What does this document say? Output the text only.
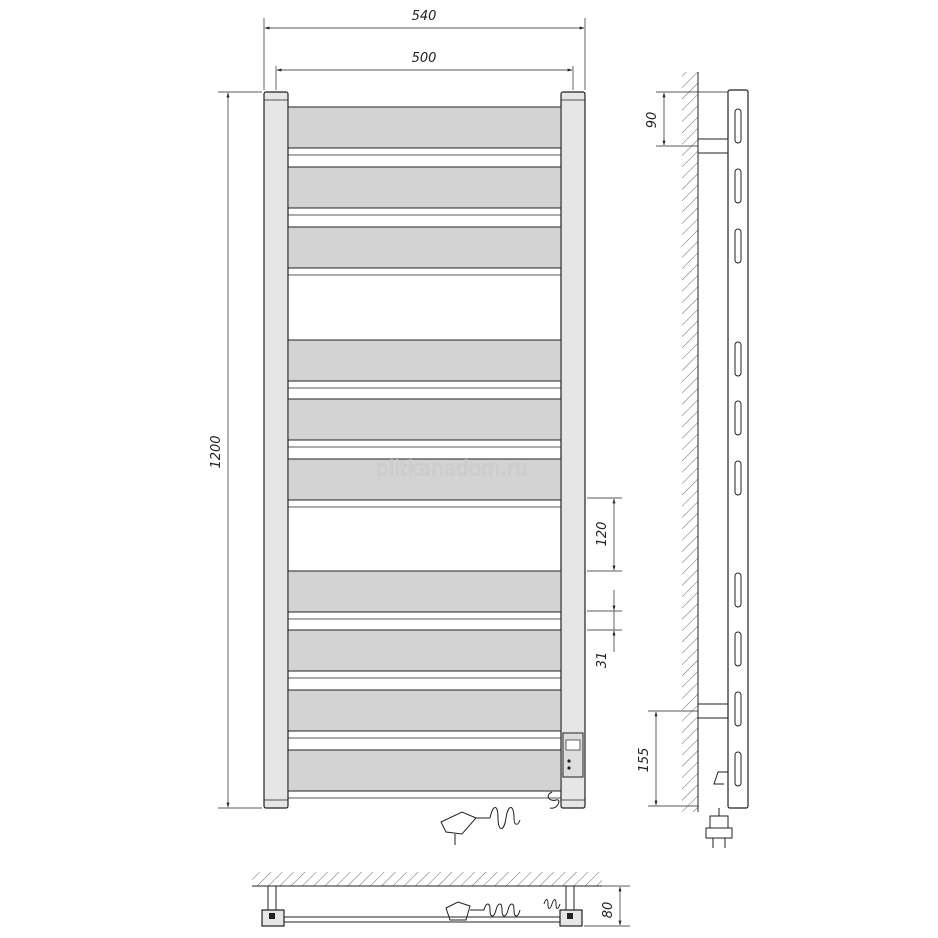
plitkanadom.ru
540
500
1200
120
31
90
155
80
